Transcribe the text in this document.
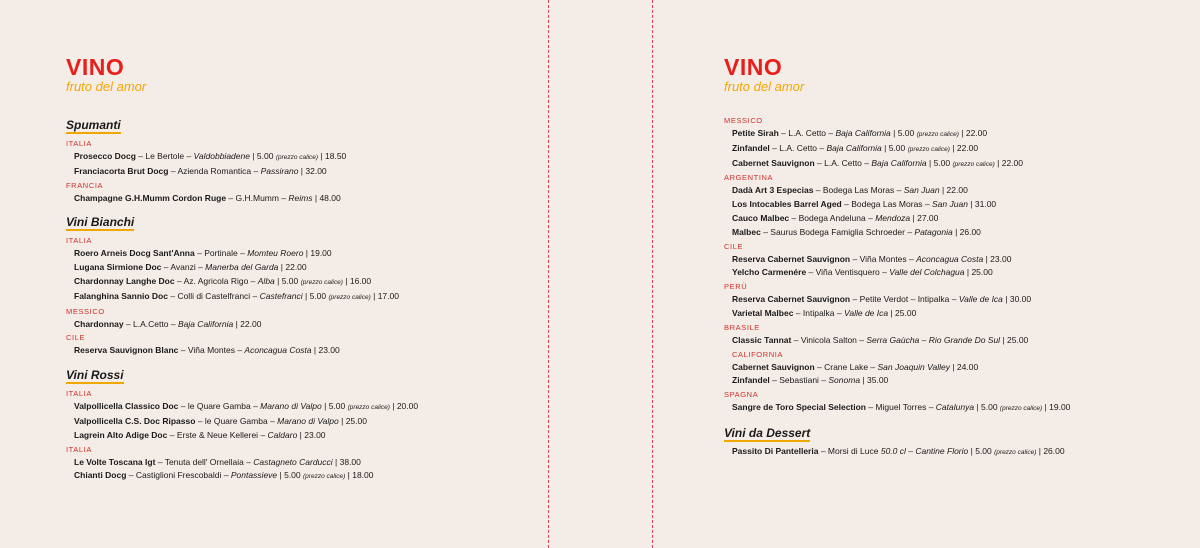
VINO
fruto del amor
Spumanti

ITALIA
Prosecco Docg – Le Bertole – Valdobbiadene | 5.00 (prezzo calice) | 18.50
Franciacorta Brut Docg – Azienda Romantica – Passirano | 32.00
FRANCIA
Champagne G.H.Mumm Cordon Ruge – G.H.Mumm – Reims | 48.00
Vini Bianchi

ITALIA
Roero Arneis Docg Sant'Anna – Portinale – Momteu Roero | 19.00
Lugana Sirmione Doc – Avanzi – Manerba del Garda | 22.00
Chardonnay Langhe Doc – Az. Agricola Rigo – Alba | 5.00 (prezzo calice) | 16.00
Falanghina Sannio Doc – Colli di Castelfranci – Castefranci | 5.00 (prezzo calice) | 17.00
MESSICO
Chardonnay – L.A.Cetto – Baja California | 22.00
CILE
Reserva Sauvignon Blanc – Viña Montes – Aconcagua Costa | 23.00
Vini Rossi

ITALIA
Valpollicella Classico Doc – le Quare Gamba – Marano di Valpo | 5.00 (prezzo calice) | 20.00
Valpollicella C.S. Doc Ripasso – le Quare Gamba – Marano di Valpo | 25.00
Lagrein Alto Adige Doc – Erste & Neue Kellerei – Caldaro | 23.00
ITALIA
Le Volte Toscana Igt – Tenuta dell' Ornellaia – Castagneto Carducci | 38.00
Chianti Docg – Castiglioni Frescobaldi – Pontassieve | 5.00 (prezzo calice) | 18.00
VINO
fruto del amor
MESSICO
Petite Sirah – L.A. Cetto – Baja California | 5.00 (prezzo calice) | 22.00
Zinfandel – L.A. Cetto – Baja California | 5.00 (prezzo calice) | 22.00
Cabernet Sauvignon – L.A. Cetto – Baja California | 5.00 (prezzo calice) | 22.00
ARGENTINA
Dadà Art 3 Especias – Bodega Las Moras – San Juan | 22.00
Los Intocables Barrel Aged – Bodega Las Moras – San Juan | 31.00
Cauco Malbec – Bodega Andeluna – Mendoza | 27.00
Malbec – Saurus Bodega Famiglia Schroeder – Patagonia | 26.00
CILE
Reserva Cabernet Sauvignon – Viña Montes – Aconcagua Costa | 23.00
Yelcho Carmenére – Viña Ventisquero – Valle del Colchagua | 25.00
PERÙ
Reserva Cabernet Sauvignon – Petite Verdot – Intipalka – Valle de Ica | 30.00
Varietal Malbec – Intipalka – Valle de Ica | 25.00
BRASILE
Classic Tannat – Vinicola Salton – Serra Gaùcha – Rio Grande Do Sul | 25.00
CALIFORNIA
Cabernet Sauvignon – Crane Lake – San Joaquin Valley | 24.00
Zinfandel – Sebastiani – Sonoma | 35.00
SPAGNA
Sangre de Toro Special Selection – Miguel Torres – Catalunya | 5.00 (prezzo calice) | 19.00
Vini da Dessert

Passito Di Pantelleria – Morsi di Luce 50.0 cl – Cantine Florio | 5.00 (prezzo calice) | 26.00
